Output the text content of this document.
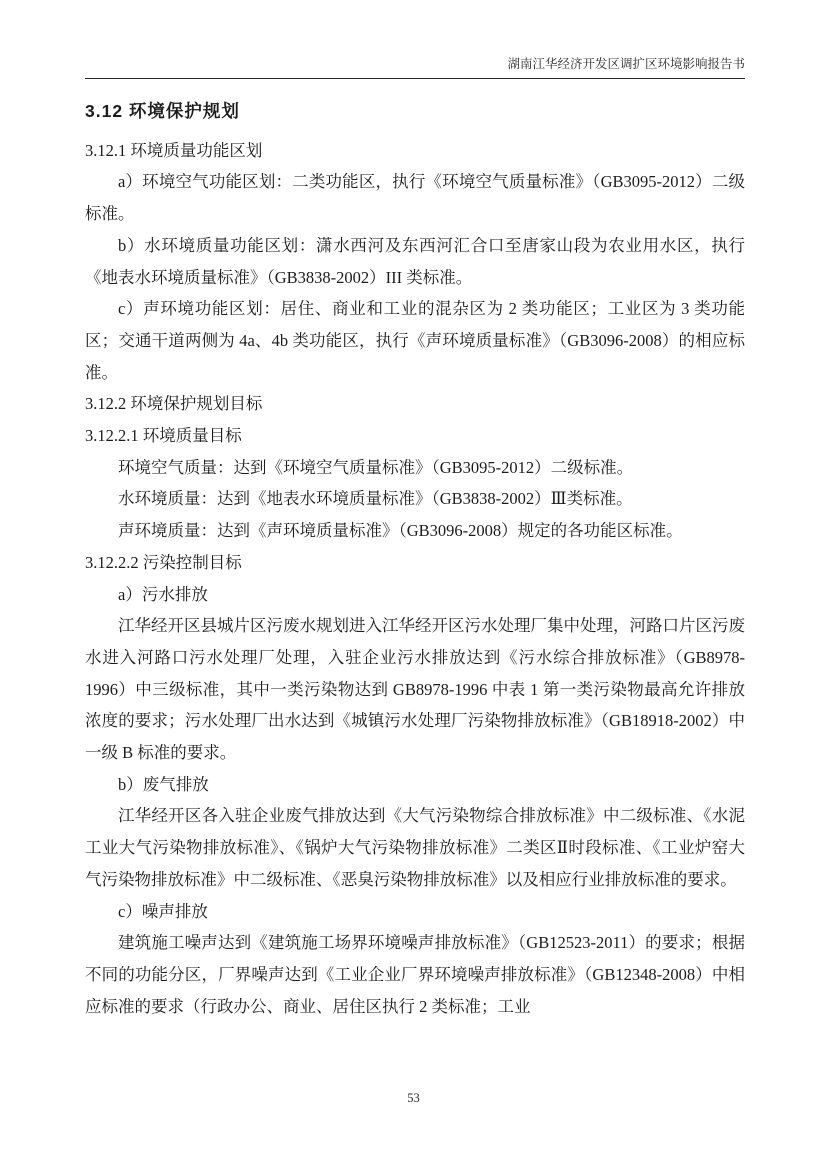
湖南江华经济开发区调扩区环境影响报告书

3.12 环境保护规划

3.12.1 环境质量功能区划

a）环境空气功能区划：二类功能区，执行《环境空气质量标准》（GB3095-2012）二级标准。

b）水环境质量功能区划：潇水西河及东西河汇合口至唐家山段为农业用水区，执行《地表水环境质量标准》（GB3838-2002）III 类标准。

c）声环境功能区划：居住、商业和工业的混杂区为 2 类功能区；工业区为 3 类功能区；交通干道两侧为 4a、4b 类功能区，执行《声环境质量标准》（GB3096-2008）的相应标准。

3.12.2 环境保护规划目标

3.12.2.1 环境质量目标

环境空气质量：达到《环境空气质量标准》（GB3095-2012）二级标准。

水环境质量：达到《地表水环境质量标准》（GB3838-2002）Ⅲ类标准。

声环境质量：达到《声环境质量标准》（GB3096-2008）规定的各功能区标准。

3.12.2.2 污染控制目标

a）污水排放

江华经开区县城片区污废水规划进入江华经开区污水处理厂集中处理，河路口片区污废水进入河路口污水处理厂处理，入驻企业污水排放达到《污水综合排放标准》（GB8978-1996）中三级标准，其中一类污染物达到 GB8978-1996 中表 1 第一类污染物最高允许排放浓度的要求；污水处理厂出水达到《城镇污水处理厂污染物排放标准》（GB18918-2002）中一级 B 标准的要求。

b）废气排放

江华经开区各入驻企业废气排放达到《大气污染物综合排放标准》中二级标准、《水泥工业大气污染物排放标准》、《锅炉大气污染物排放标准》二类区Ⅱ时段标准、《工业炉窑大气污染物排放标准》中二级标准、《恶臭污染物排放标准》以及相应行业排放标准的要求。

c）噪声排放

建筑施工噪声达到《建筑施工场界环境噪声排放标准》（GB12523-2011）的要求；根据不同的功能分区，厂界噪声达到《工业企业厂界环境噪声排放标准》（GB12348-2008）中相应标准的要求（行政办公、商业、居住区执行 2 类标准；工业

53
